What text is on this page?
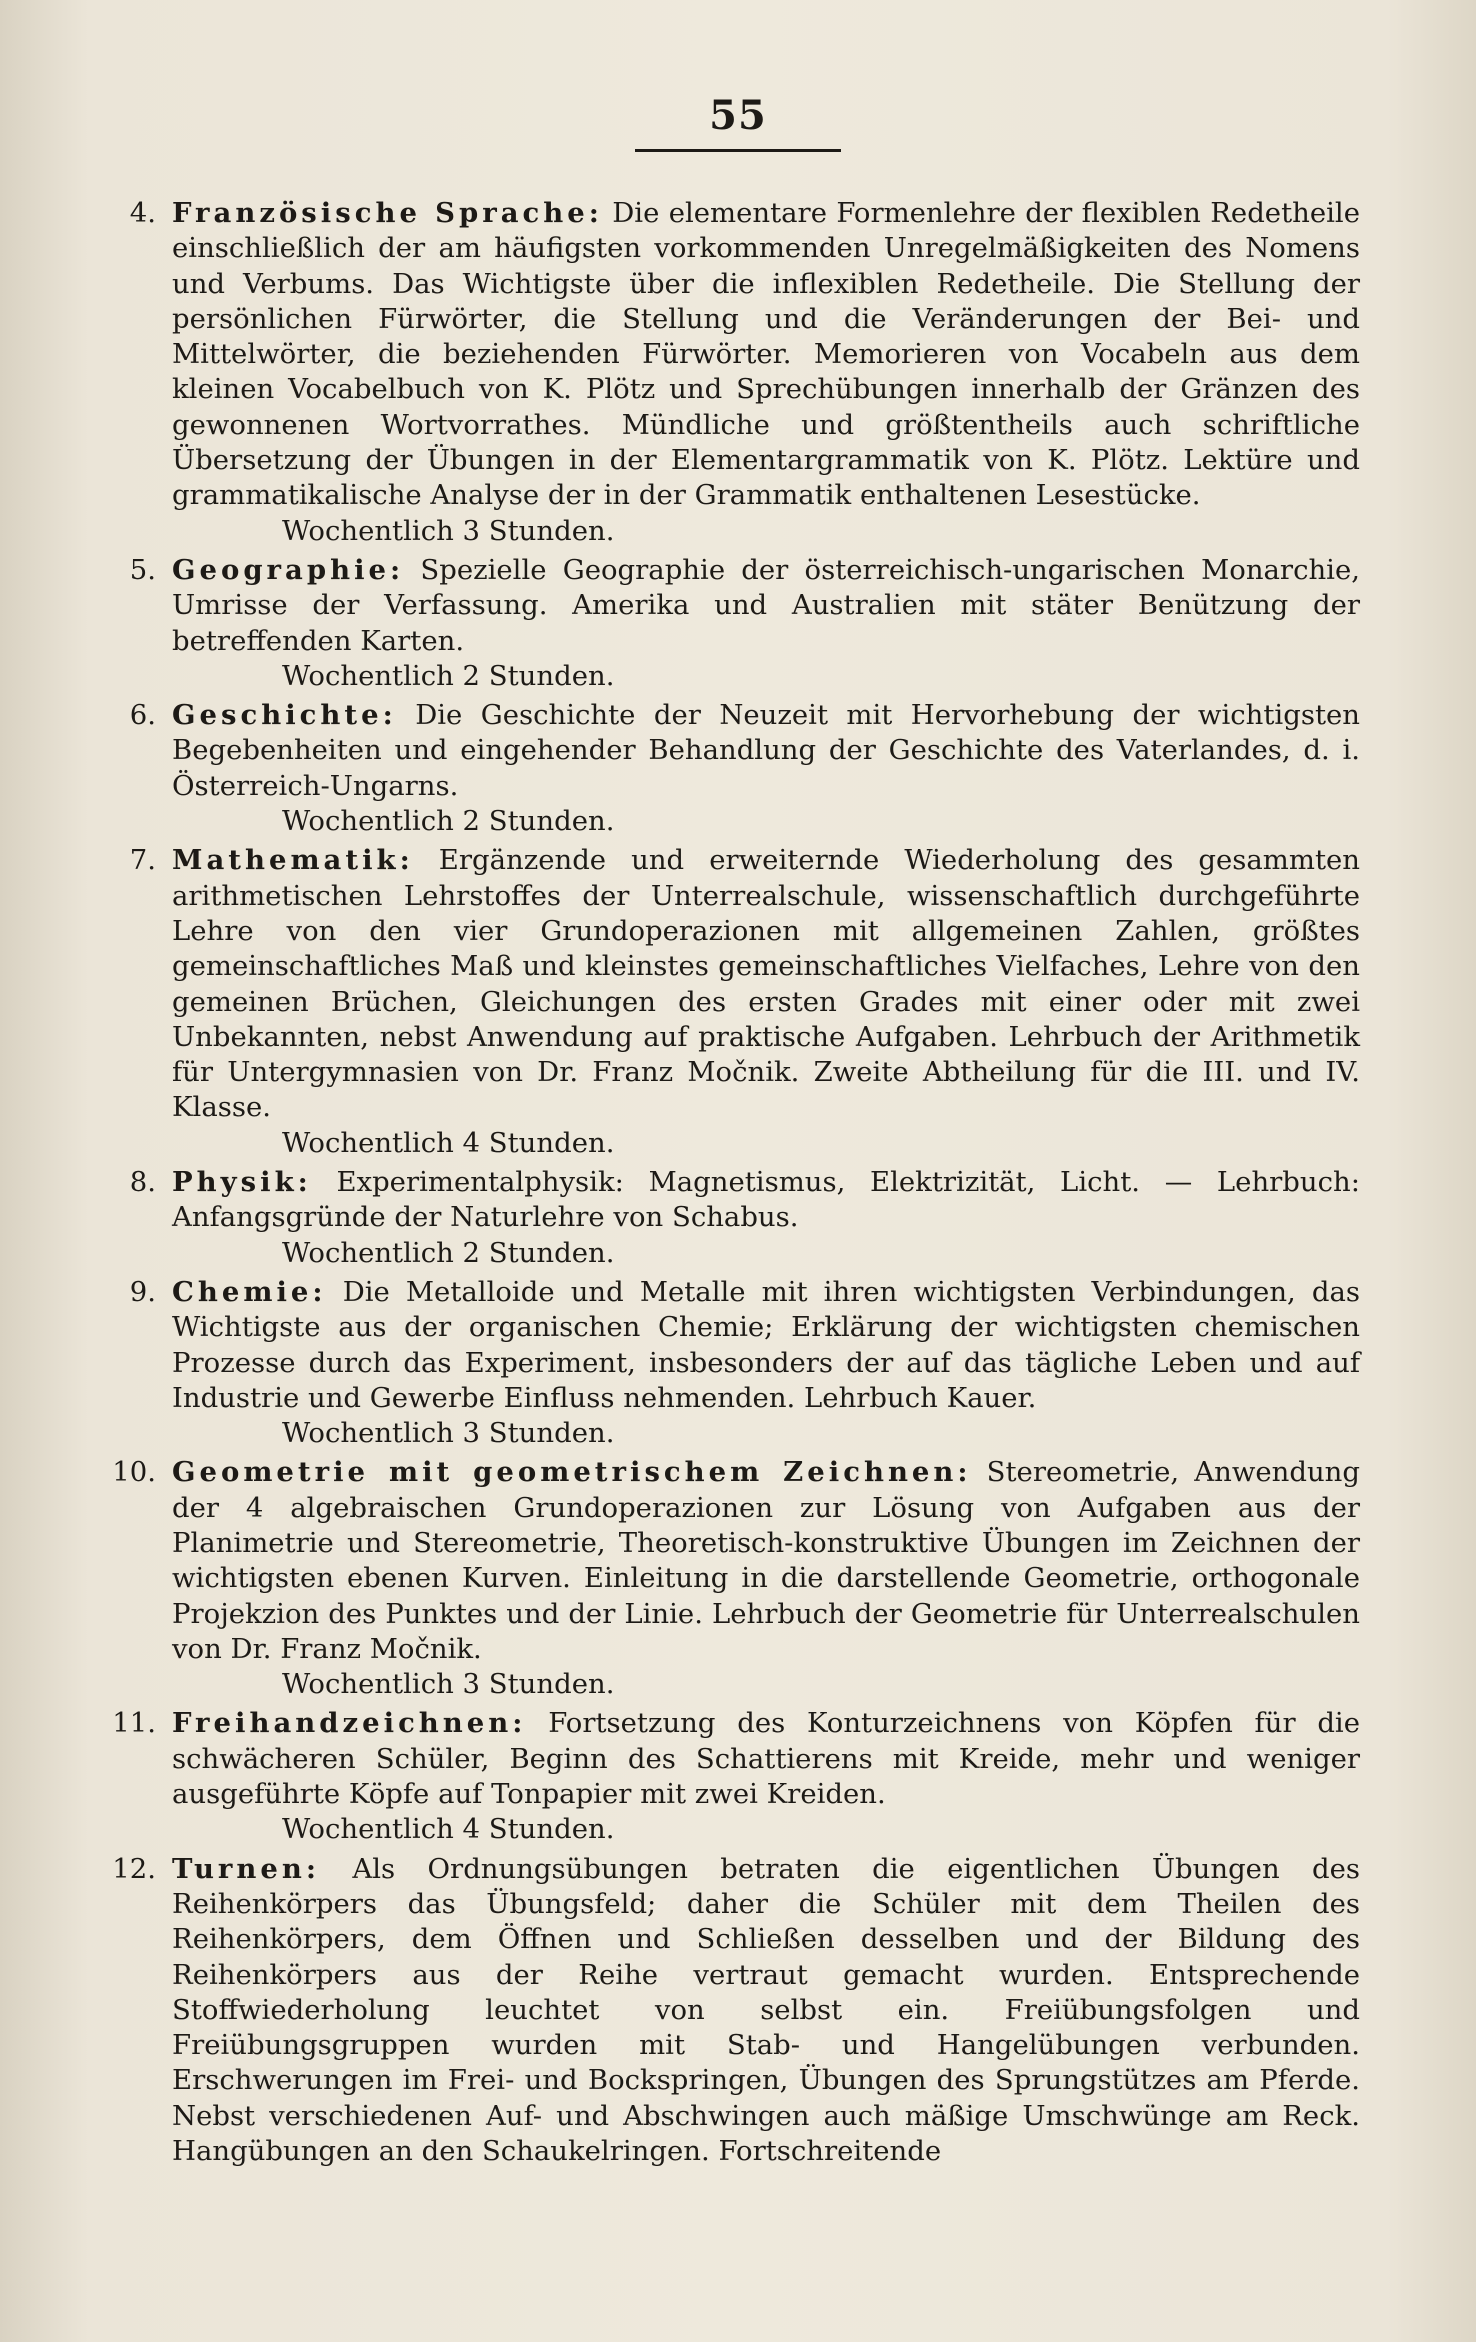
55
4. Französische Sprache: Die elementare Formenlehre der flexiblen Redetheile einschließlich der am häufigsten vorkommenden Unregelmäßigkeiten des Nomens und Verbums. Das Wichtigste über die inflexiblen Redetheile. Die Stellung der persönlichen Fürwörter, die Stellung und die Veränderungen der Bei- und Mittelwörter, die beziehenden Fürwörter. Memorieren von Vocabeln aus dem kleinen Vocabelbuch von K. Plötz und Sprechübungen innerhalb der Gränzen des gewonnenen Wortvorrathes. Mündliche und größtentheils auch schriftliche Übersetzung der Übungen in der Elementargrammatik von K. Plötz. Lektüre und grammatikalische Analyse der in der Grammatik enthaltenen Lesestücke.
Wochentlich 3 Stunden.
5. Geographie: Spezielle Geographie der österreichisch-ungarischen Monarchie, Umrisse der Verfassung. Amerika und Australien mit stäter Benützung der betreffenden Karten.
Wochentlich 2 Stunden.
6. Geschichte: Die Geschichte der Neuzeit mit Hervorhebung der wichtigsten Begebenheiten und eingehender Behandlung der Geschichte des Vaterlandes, d. i. Österreich-Ungarns.
Wochentlich 2 Stunden.
7. Mathematik: Ergänzende und erweiternde Wiederholung des gesammten arithmetischen Lehrstoffes der Unterrealschule, wissenschaftlich durchgeführte Lehre von den vier Grundoperazionen mit allgemeinen Zahlen, größtes gemeinschaftliches Maß und kleinstes gemeinschaftliches Vielfaches, Lehre von den gemeinen Brüchen, Gleichungen des ersten Grades mit einer oder mit zwei Unbekannten, nebst Anwendung auf praktische Aufgaben. Lehrbuch der Arithmetik für Untergymnasien von Dr. Franz Močnik. Zweite Abtheilung für die III. und IV. Klasse.
Wochentlich 4 Stunden.
8. Physik: Experimentalphysik: Magnetismus, Elektrizität, Licht. — Lehrbuch: Anfangsgründe der Naturlehre von Schabus.
Wochentlich 2 Stunden.
9. Chemie: Die Metalloide und Metalle mit ihren wichtigsten Verbindungen, das Wichtigste aus der organischen Chemie; Erklärung der wichtigsten chemischen Prozesse durch das Experiment, insbesonders der auf das tägliche Leben und auf Industrie und Gewerbe Einfluss nehmenden. Lehrbuch Kauer.
Wochentlich 3 Stunden.
10. Geometrie mit geometrischem Zeichnen: Stereometrie, Anwendung der 4 algebraischen Grundoperazionen zur Lösung von Aufgaben aus der Planimetrie und Stereometrie, Theoretisch-konstruktive Übungen im Zeichnen der wichtigsten ebenen Kurven. Einleitung in die darstellende Geometrie, orthogonale Projekzion des Punktes und der Linie. Lehrbuch der Geometrie für Unterrealschulen von Dr. Franz Močnik.
Wochentlich 3 Stunden.
11. Freihandzeichnen: Fortsetzung des Konturzeichnens von Köpfen für die schwächeren Schüler, Beginn des Schattierens mit Kreide, mehr und weniger ausgeführte Köpfe auf Tonpapier mit zwei Kreiden.
Wochentlich 4 Stunden.
12. Turnen: Als Ordnungsübungen betraten die eigentlichen Übungen des Reihenkörpers das Übungsfeld; daher die Schüler mit dem Theilen des Reihenkörpers, dem Öffnen und Schließen desselben und der Bildung des Reihenkörpers aus der Reihe vertraut gemacht wurden. Entsprechende Stoffwiederholung leuchtet von selbst ein. Freiübungsfolgen und Freiübungsgruppen wurden mit Stab- und Hangelübungen verbunden. Erschwerungen im Frei- und Bockspringen, Übungen des Sprungstützes am Pferde. Nebst verschiedenen Auf- und Abschwingen auch mäßige Umschwünge am Reck. Hangübungen an den Schaukelringen. Fortschreitende
